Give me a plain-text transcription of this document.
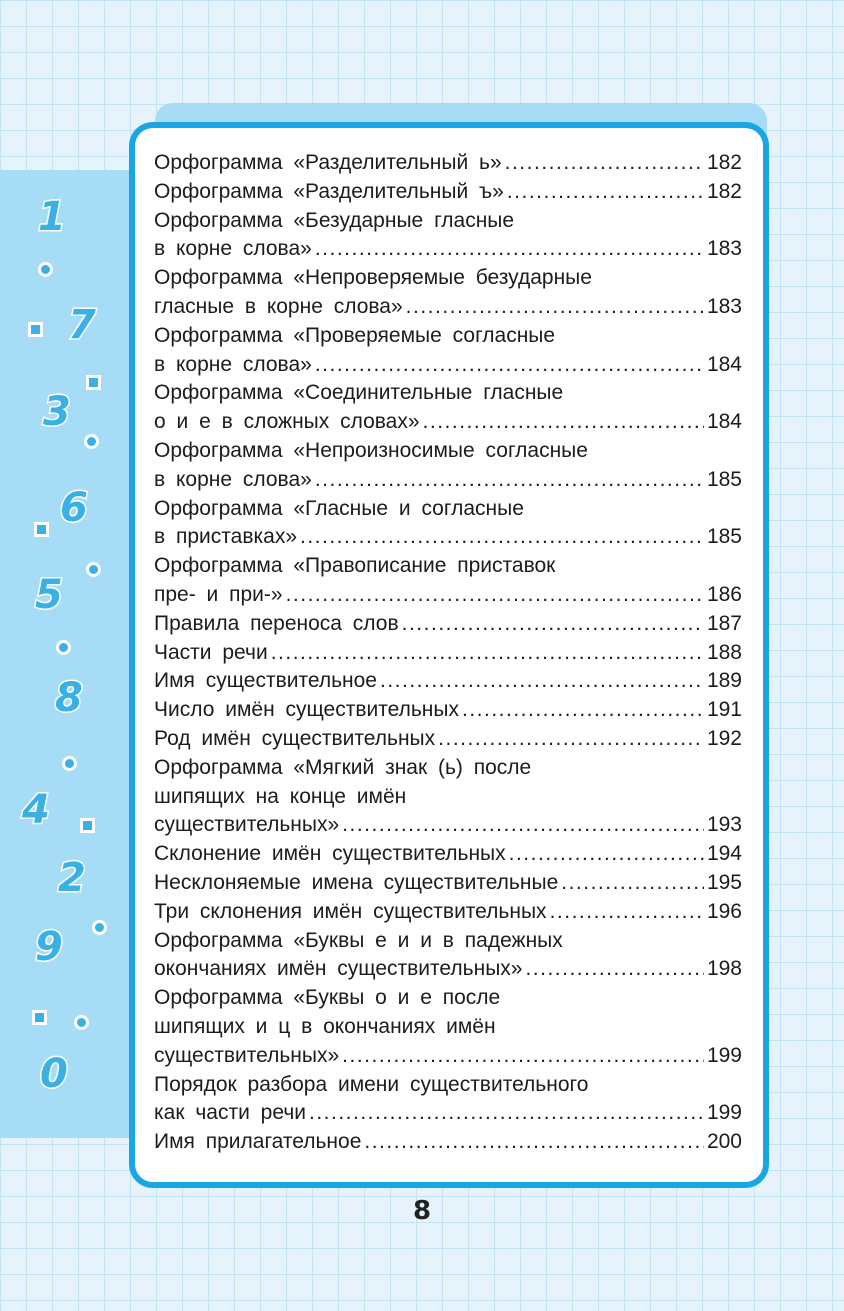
1
7
3
6
5
8
4
2
9
0
Орфограмма «Разделительный ь» .....	182
Орфограмма «Разделительный ъ» .....	182
Орфограмма «Безударные гласные
в корне слова» .....	183
Орфограмма «Непроверяемые безударные
гласные в корне слова» .....	183
Орфограмма «Проверяемые согласные
в корне слова» .....	184
Орфограмма «Соединительные гласные
о и е в сложных словах» .....	184
Орфограмма «Непроизносимые согласные
в корне слова» .....	185
Орфограмма «Гласные и согласные
в приставках» .....	185
Орфограмма «Правописание приставок
пре- и при-» .....	186
Правила переноса слов .....	187
Части речи .....	188
Имя существительное .....	189
Число имён существительных .....	191
Род имён существительных .....	192
Орфограмма «Мягкий знак (ь) после
шипящих на конце имён
существительных» .....	193
Склонение имён существительных .....	194
Несклоняемые имена существительные .....	195
Три склонения имён существительных .....	196
Орфограмма «Буквы е и и в падежных
окончаниях имён существительных» .....	198
Орфограмма «Буквы о и е после
шипящих и ц в окончаниях имён
существительных» .....	199
Порядок разбора имени существительного
как части речи .....	199
Имя прилагательное .....	200
8
